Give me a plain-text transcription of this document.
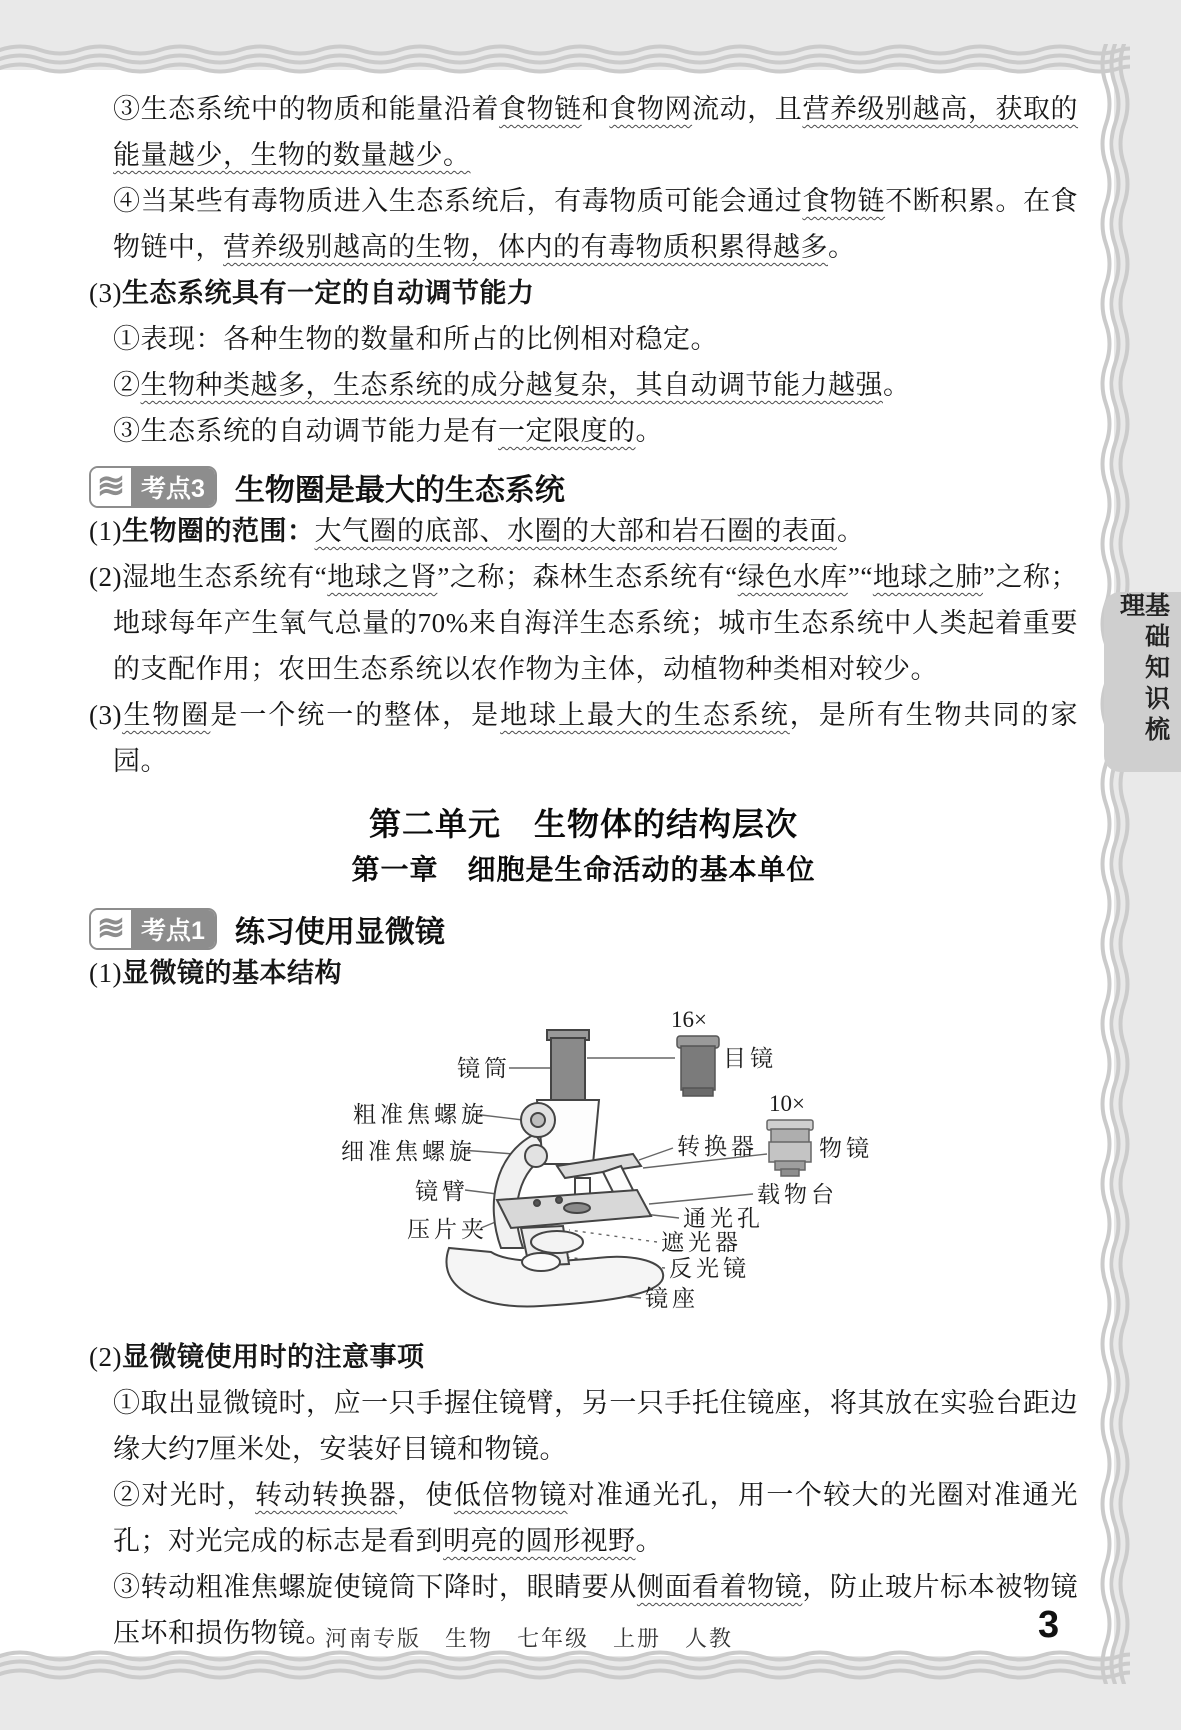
基础知识梳理

③生态系统中的物质和能量沿着食物链和食物网流动，且营养级别越高，获取的能量越少，生物的数量越少。

④当某些有毒物质进入生态系统后，有毒物质可能会通过食物链不断积累。在食物链中，营养级别越高的生物，体内的有毒物质积累得越多。

(3)生态系统具有一定的自动调节能力

①表现：各种生物的数量和所占的比例相对稳定。

②生物种类越多，生态系统的成分越复杂，其自动调节能力越强。

③生态系统的自动调节能力是有一定限度的。

≋ 考点3	生物圈是最大的生态系统

(1)生物圈的范围：大气圈的底部、水圈的大部和岩石圈的表面。

(2)湿地生态系统有“地球之肾”之称；森林生态系统有“绿色水库”“地球之肺”之称；地球每年产生氧气总量的70%来自海洋生态系统；城市生态系统中人类起着重要的支配作用；农田生态系统以农作物为主体，动植物种类相对较少。

(3)生物圈是一个统一的整体，是地球上最大的生态系统，是所有生物共同的家园。

第二单元　生物体的结构层次
第一章　细胞是生命活动的基本单位
≋ 考点1	练习使用显微镜

(1)显微镜的基本结构

16×
目镜
镜筒
粗准焦螺旋
细准焦螺旋
镜臂
压片夹
10×
物镜
转换器
载物台
通光孔
遮光器
反光镜
镜座

(2)显微镜使用时的注意事项

①取出显微镜时，应一只手握住镜臂，另一只手托住镜座，将其放在实验台距边缘大约7厘米处，安装好目镜和物镜。

②对光时，转动转换器，使低倍物镜对准通光孔，用一个较大的光圈对准通光孔；对光完成的标志是看到明亮的圆形视野。

③转动粗准焦螺旋使镜筒下降时，眼睛要从侧面看着物镜，防止玻片标本被物镜压坏和损伤物镜。

河南专版　生物　七年级　上册　人教	3
